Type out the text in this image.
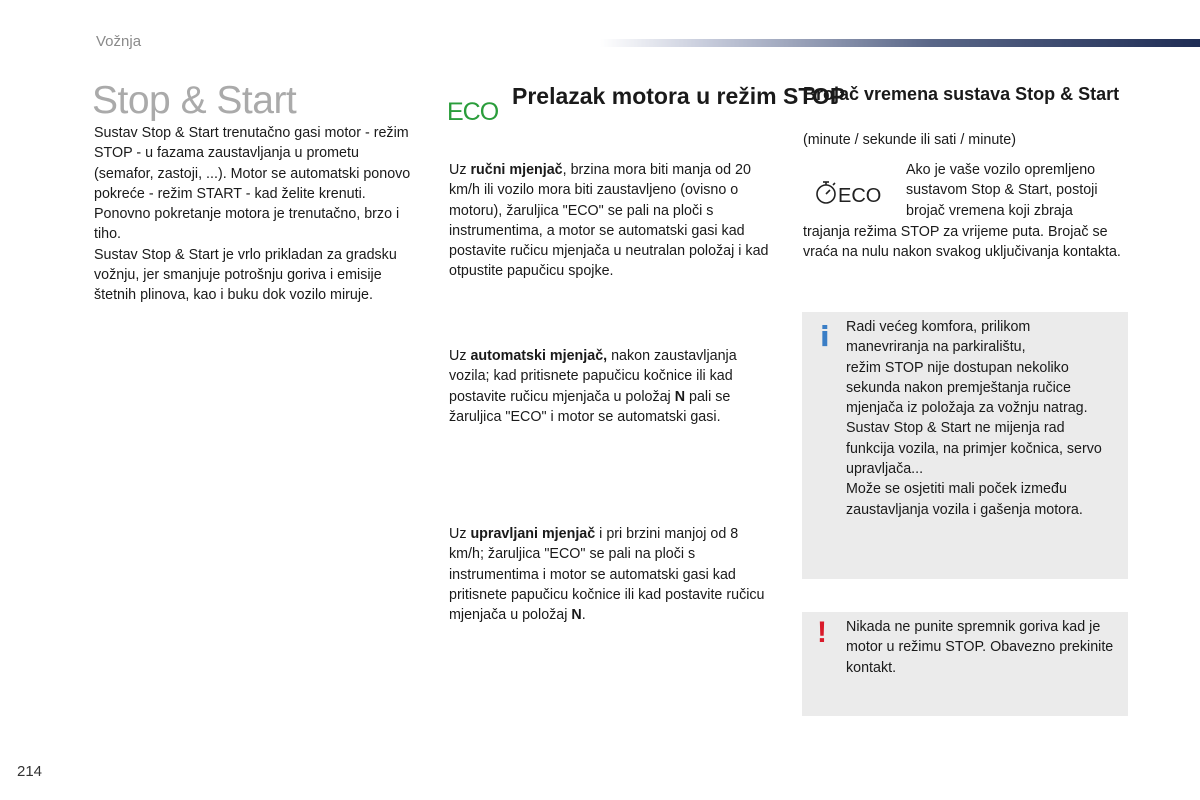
Vožnja
Stop & Start

Sustav Stop & Start trenutačno gasi motor - režim STOP - u fazama zaustavljanja u prometu (semafor, zastoji, ...). Motor se automatski ponovo pokreće - režim START - kad želite krenuti. Ponovno pokretanje motora je trenutačno, brzo i tiho.

Sustav Stop & Start je vrlo prikladan za gradsku vožnju, jer smanjuje potrošnju goriva i emisije štetnih plinova, kao i buku dok vozilo miruje.

ECO
Prelazak motora u režim STOP

Uz ručni mjenjač, brzina mora biti manja od 20 km/h ili vozilo mora biti zaustavljeno (ovisno o motoru), žaruljica "ECO" se pali na ploči s instrumentima, a motor se automatski gasi kad postavite ručicu mjenjača u neutralan položaj i kad otpustite papučicu spojke.

Uz automatski mjenjač, nakon zaustavljanja vozila; kad pritisnete papučicu kočnice ili kad postavite ručicu mjenjača u položaj N pali se žaruljica "ECO" i motor se automatski gasi.

Uz upravljani mjenjač i pri brzini manjoj od 8 km/h; žaruljica "ECO" se pali na ploči s instrumentima i motor se automatski gasi kad pritisnete papučicu kočnice ili kad postavite ručicu mjenjača u položaj N.

Brojač vremena sustava Stop & Start
(minute / sekunde ili sati / minute)
ECO
Ako je vaše vozilo opremljeno sustavom Stop & Start, postoji brojač vremena koji zbraja
trajanja režima STOP za vrijeme puta. Brojač se vraća na nulu nakon svakog uključivanja kontakta.
i Radi većeg komfora, prilikom manevriranja na parkiralištu,
režim STOP nije dostupan nekoliko sekunda nakon premještanja ručice mjenjača iz položaja za vožnju natrag.
Sustav Stop & Start ne mijenja rad funkcija vozila, na primjer kočnica, servo upravljača...
Može se osjetiti mali poček između zaustavljanja vozila i gašenja motora.
! Nikada ne punite spremnik goriva kad je motor u režimu STOP. Obavezno prekinite kontakt.
214
